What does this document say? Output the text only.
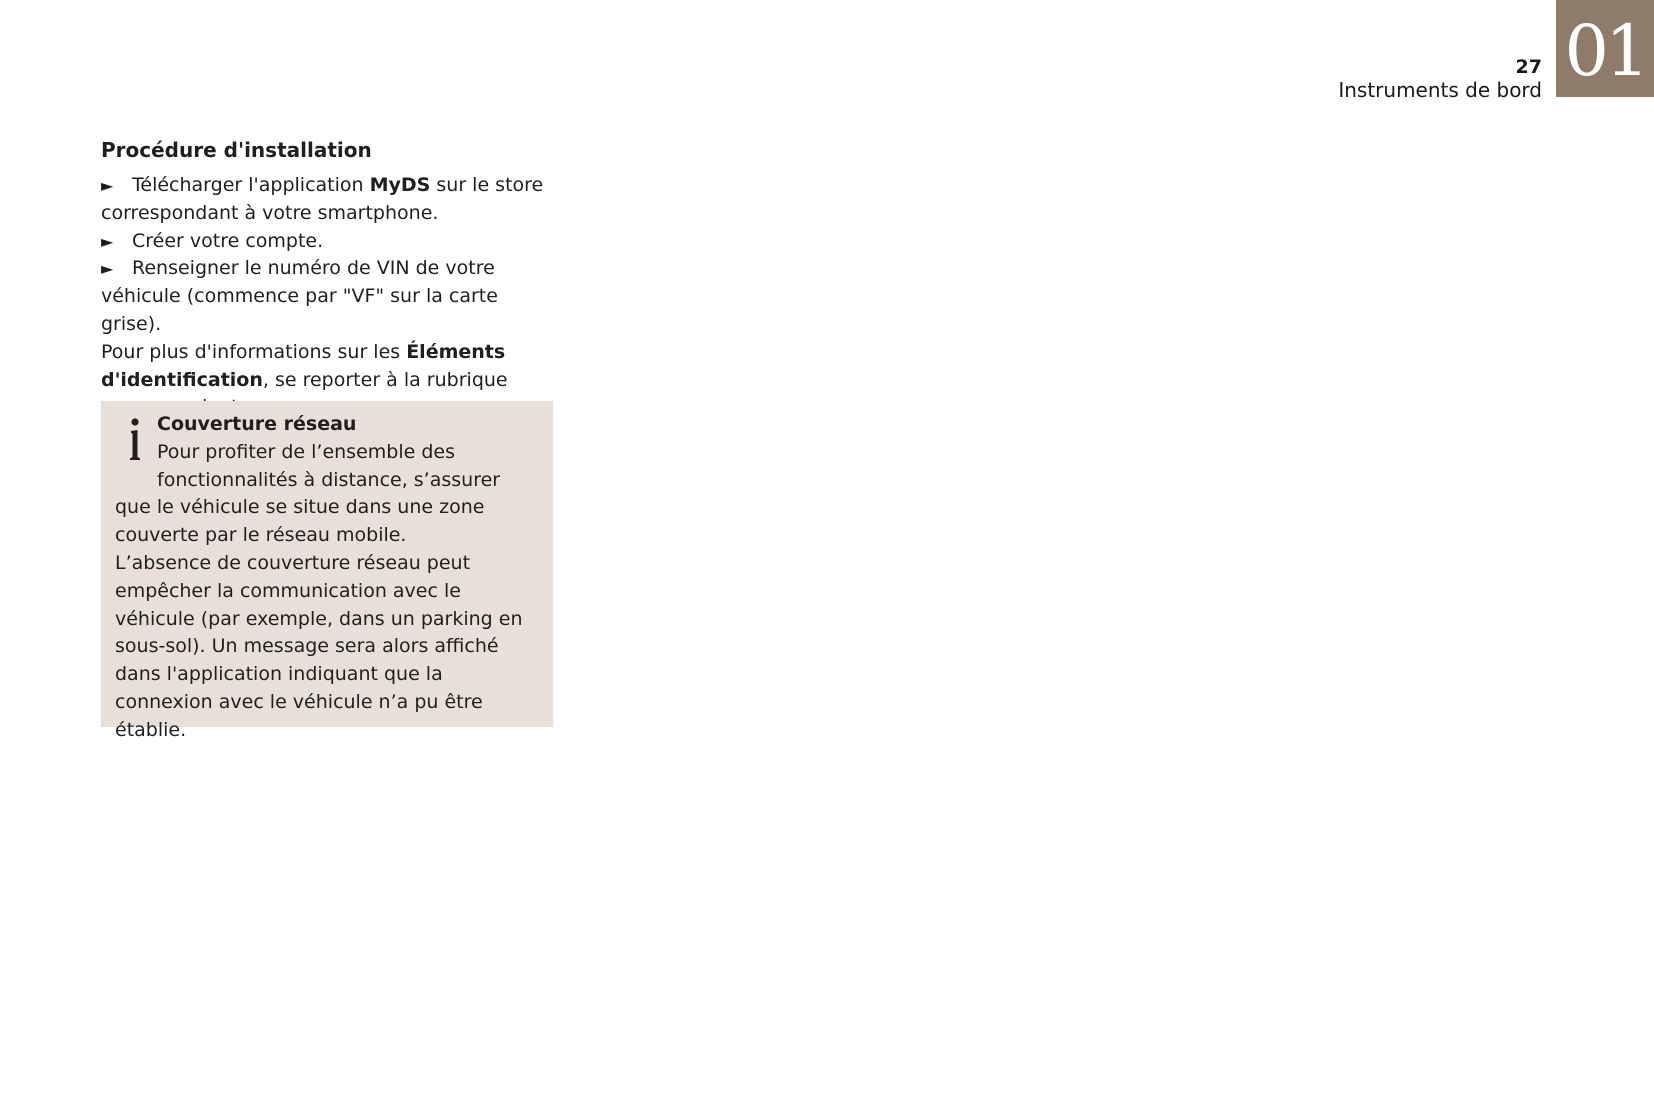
27
Instruments de bord 01
Procédure d'installation

► Télécharger l'application MyDS sur le store correspondant à votre smartphone.

► Créer votre compte.

► Renseigner le numéro de VIN de votre véhicule (commence par "VF" sur la carte grise).

Pour plus d'informations sur les Éléments d'identification, se reporter à la rubrique

Couverture réseau

Pour profiter de l’ensemble des fonctionnalités à distance, s’assurer que le véhicule se situe dans une zone couverte par le réseau mobile.

L’absence de couverture réseau peut empêcher la communication avec le véhicule (par exemple, dans un parking en sous-sol). Un message sera alors affiché dans l'application indiquant que la connexion avec le véhicule n’a pu être établie.
